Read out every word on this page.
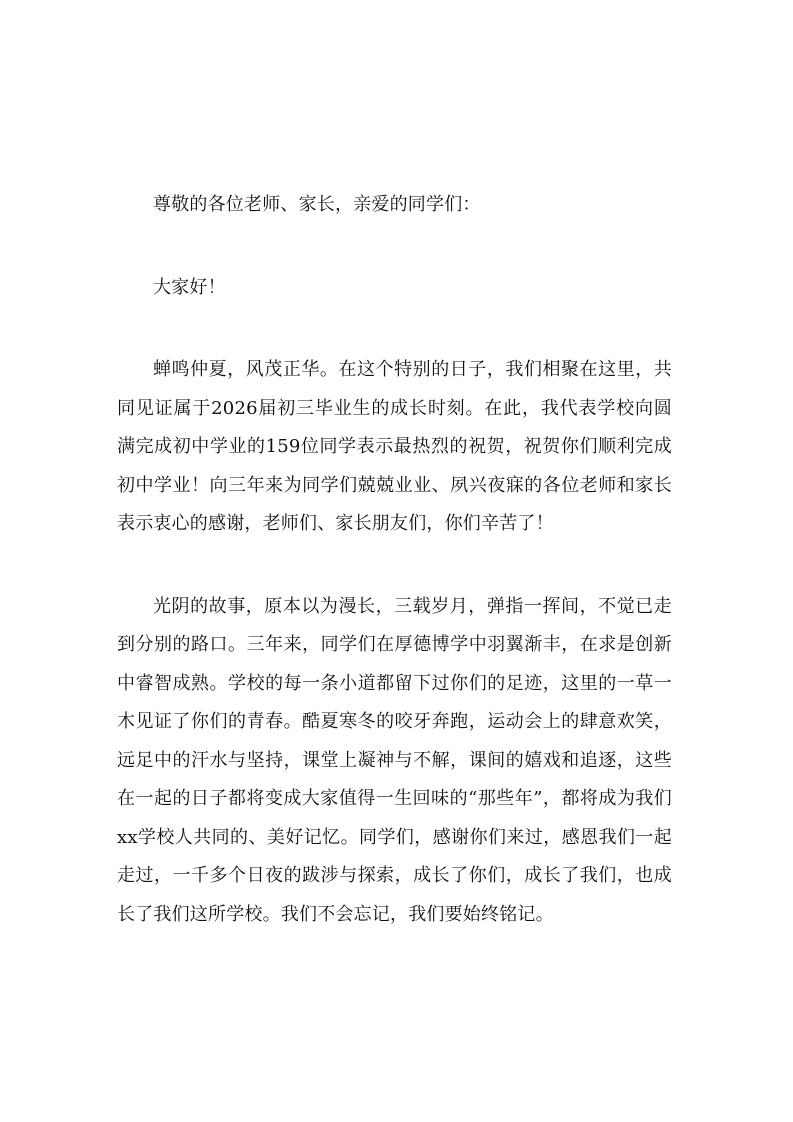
尊敬的各位老师、家长，亲爱的同学们：

大家好！

蝉鸣仲夏，风茂正华。在这个特别的日子，我们相聚在这里，共同见证属于2026届初三毕业生的成长时刻。在此，我代表学校向圆满完成初中学业的159位同学表示最热烈的祝贺，祝贺你们顺利完成初中学业！向三年来为同学们兢兢业业、夙兴夜寐的各位老师和家长表示衷心的感谢，老师们、家长朋友们，你们辛苦了！

光阴的故事，原本以为漫长，三载岁月，弹指一挥间，不觉已走到分别的路口。三年来，同学们在厚德博学中羽翼渐丰，在求是创新中睿智成熟。学校的每一条小道都留下过你们的足迹，这里的一草一木见证了你们的青春。酷夏寒冬的咬牙奔跑，运动会上的肆意欢笑，远足中的汗水与坚持，课堂上凝神与不解，课间的嬉戏和追逐，这些在一起的日子都将变成大家值得一生回味的“那些年”，都将成为我们xx学校人共同的、美好记忆。同学们，感谢你们来过，感恩我们一起走过，一千多个日夜的跋涉与探索，成长了你们，成长了我们，也成长了我们这所学校。我们不会忘记，我们要始终铭记。
